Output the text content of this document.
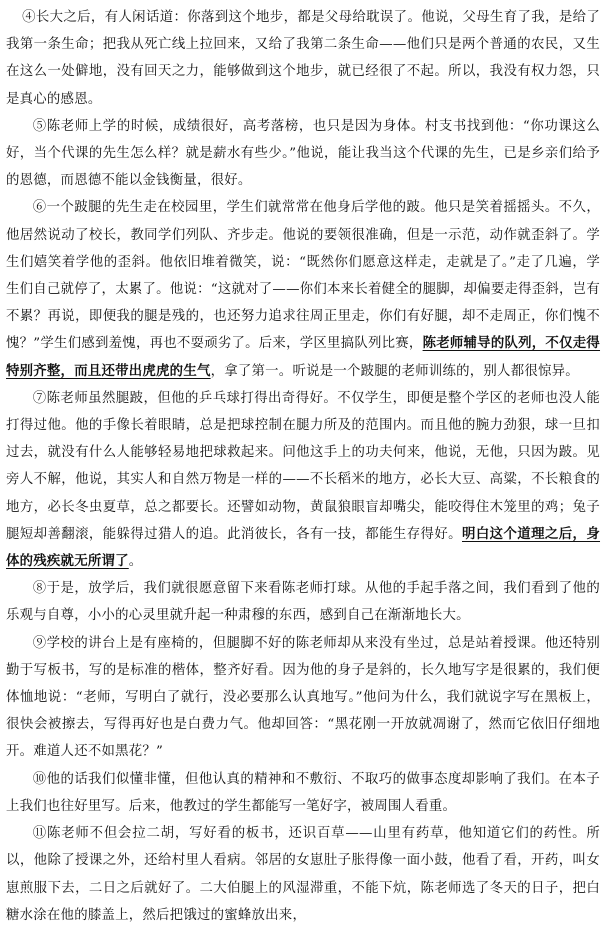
④长大之后，有人闲话道：你落到这个地步，都是父母给耽误了。他说，父母生育了我，是给了我第一条生命；把我从死亡线上拉回来，又给了我第二条生命——他们只是两个普通的农民，又生在这么一处僻地，没有回天之力，能够做到这个地步，就已经很了不起。所以，我没有权力怨，只是真心的感恩。

⑤陈老师上学的时候，成绩很好，高考落榜，也只是因为身体。村支书找到他：“你功课这么好，当个代课的先生怎么样？就是薪水有些少。”他说，能让我当这个代课的先生，已是乡亲们给予的恩德，而恩德不能以金钱衡量，很好。

⑥一个跛腿的先生走在校园里，学生们就常常在他身后学他的跛。他只是笑着摇摇头。不久，他居然说动了校长，教同学们列队、齐步走。他说的要领很准确，但是一示范，动作就歪斜了。学生们嬉笑着学他的歪斜。他依旧堆着微笑，说：“既然你们愿意这样走，走就是了。”走了几遍，学生们自己就停了，太累了。他说：“这就对了——你们本来长着健全的腿脚，却偏要走得歪斜，岂有不累？再说，即便我的腿是残的，也还努力追求往周正里走，你们有好腿，却不走周正，你们愧不愧？”学生们感到羞愧，再也不耍顽劣了。后来，学区里搞队列比赛，陈老师辅导的队列，不仅走得特别齐整，而且还带出虎虎的生气，拿了第一。听说是一个跛腿的老师训练的，别人都很惊异。

⑦陈老师虽然腿跛，但他的乒乓球打得出奇得好。不仅学生，即便是整个学区的老师也没人能打得过他。他的手像长着眼睛，总是把球控制在腿力所及的范围内。而且他的腕力劲狠，球一旦扣过去，就没有什么人能够轻易地把球救起来。问他这手上的功夫何来，他说，无他，只因为跛。见旁人不解，他说，其实人和自然万物是一样的——不长稻米的地方，必长大豆、高粱，不长粮食的地方，必长冬虫夏草，总之都要长。还譬如动物，黄鼠狼眼盲却嘴尖，能咬得住木笼里的鸡；兔子腿短却善翻滚，能躲得过猎人的追。此消彼长，各有一技，都能生存得好。明白这个道理之后，身体的残疾就无所谓了。

⑧于是，放学后，我们就很愿意留下来看陈老师打球。从他的手起手落之间，我们看到了他的乐观与自尊，小小的心灵里就升起一种肃穆的东西，感到自己在渐渐地长大。

⑨学校的讲台上是有座椅的，但腿脚不好的陈老师却从来没有坐过，总是站着授课。他还特别勤于写板书，写的是标准的楷体，整齐好看。因为他的身子是斜的，长久地写字是很累的，我们便体恤地说：“老师，写明白了就行，没必要那么认真地写。”他问为什么，我们就说字写在黑板上，很快会被擦去，写得再好也是白费力气。他却回答：“黑花刚一开放就凋谢了，然而它依旧仔细地开。难道人还不如黑花？”

⑩他的话我们似懂非懂，但他认真的精神和不敷衍、不取巧的做事态度却影响了我们。在本子上我们也往好里写。后来，他教过的学生都能写一笔好字，被周围人看重。

⑪陈老师不但会拉二胡，写好看的板书，还识百草——山里有药草，他知道它们的药性。所以，他除了授课之外，还给村里人看病。邻居的女崽肚子胀得像一面小鼓，他看了看，开药，叫女崽煎服下去，二日之后就好了。二大伯腿上的风湿滞重，不能下炕，陈老师选了冬天的日子，把白糖水涂在他的膝盖上，然后把饿过的蜜蜂放出来，
